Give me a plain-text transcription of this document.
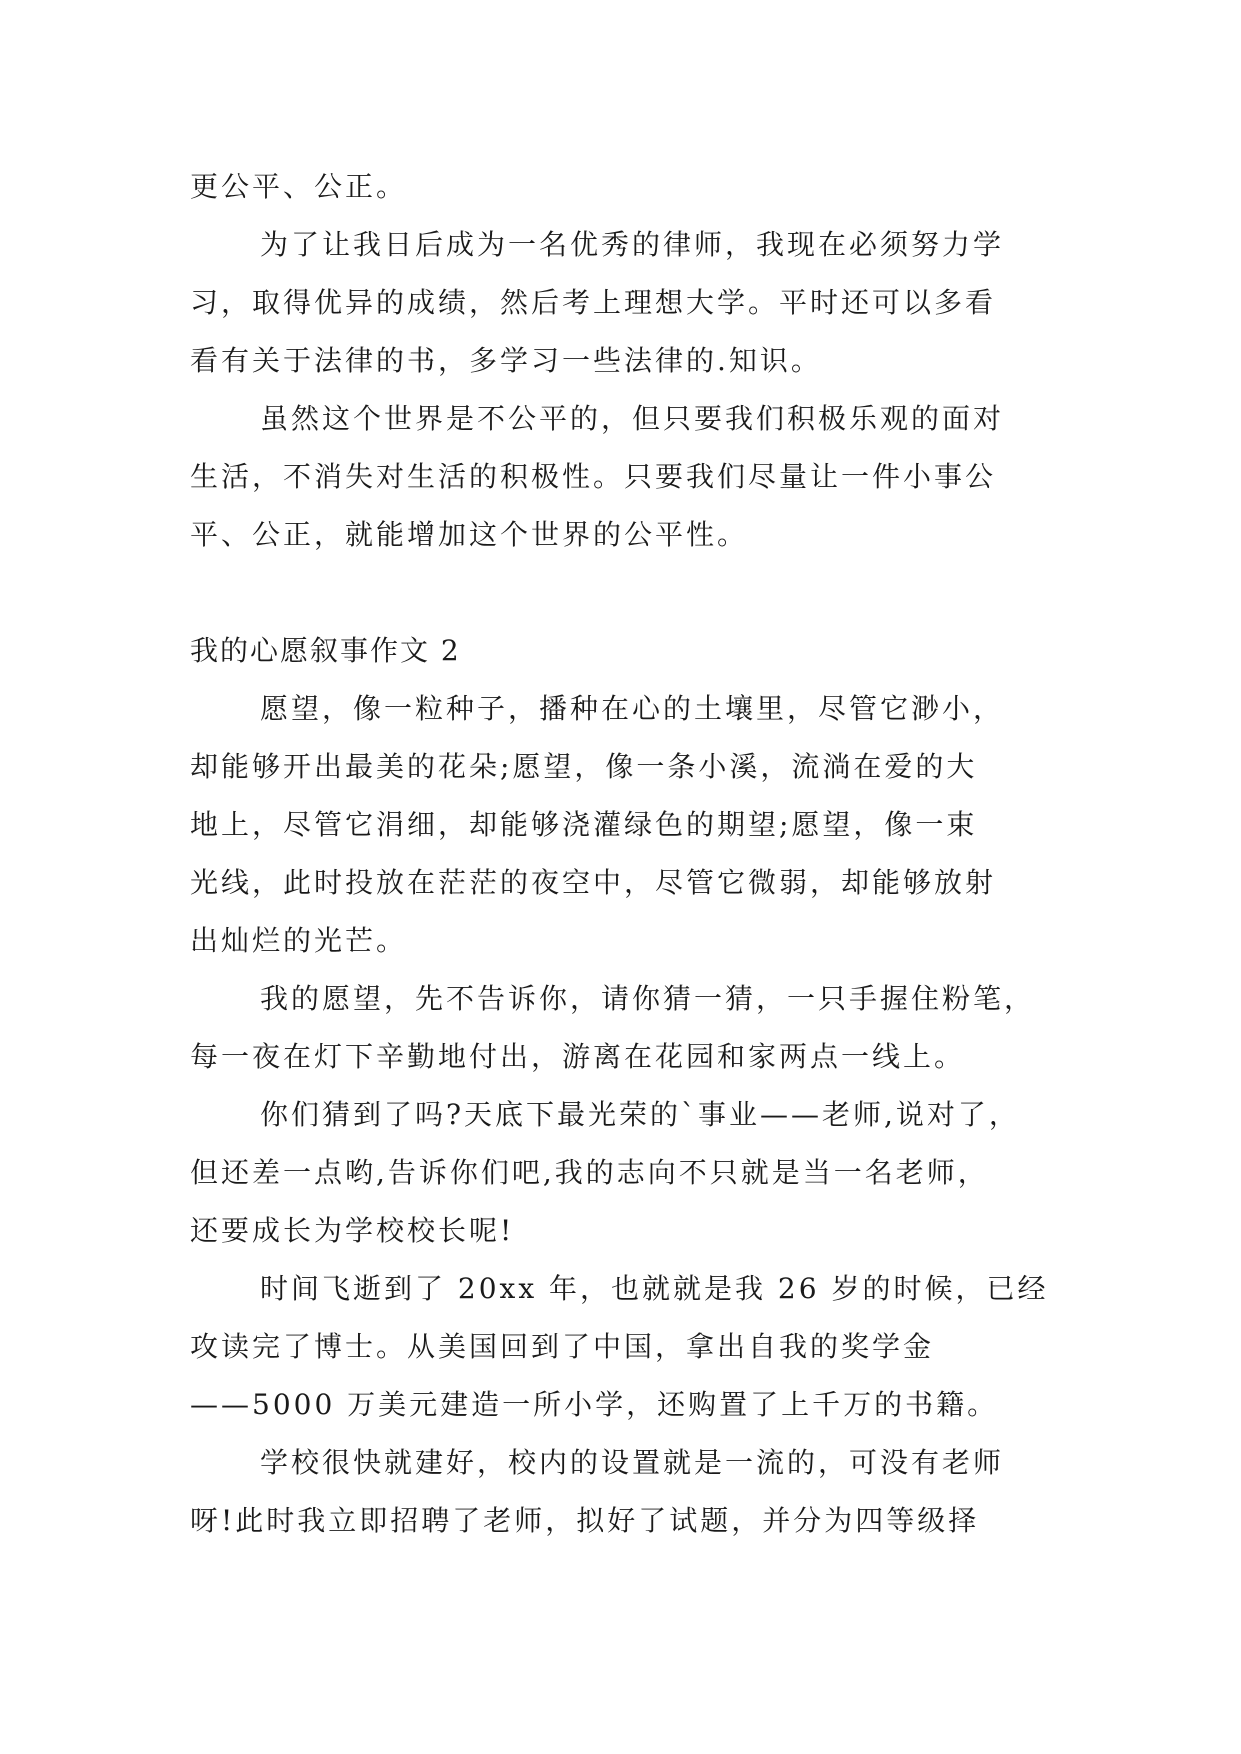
更公平、公正。
为了让我日后成为一名优秀的律师，我现在必须努力学
习，取得优异的成绩，然后考上理想大学。平时还可以多看
看有关于法律的书，多学习一些法律的.知识。
虽然这个世界是不公平的，但只要我们积极乐观的面对
生活，不消失对生活的积极性。只要我们尽量让一件小事公
平、公正，就能增加这个世界的公平性。
我的心愿叙事作文 2
愿望，像一粒种子，播种在心的土壤里，尽管它渺小，
却能够开出最美的花朵;愿望，像一条小溪，流淌在爱的大
地上，尽管它涓细，却能够浇灌绿色的期望;愿望，像一束
光线，此时投放在茫茫的夜空中，尽管它微弱，却能够放射
出灿烂的光芒。
我的愿望，先不告诉你，请你猜一猜，一只手握住粉笔，
每一夜在灯下辛勤地付出，游离在花园和家两点一线上。
你们猜到了吗?天底下最光荣的`事业——老师,说对了，
但还差一点哟,告诉你们吧,我的志向不只就是当一名老师，
还要成长为学校校长呢!
时间飞逝到了 20xx 年，也就就是我 26 岁的时候，已经
攻读完了博士。从美国回到了中国，拿出自我的奖学金
——5000 万美元建造一所小学，还购置了上千万的书籍。
学校很快就建好，校内的设置就是一流的，可没有老师
呀!此时我立即招聘了老师，拟好了试题，并分为四等级择
